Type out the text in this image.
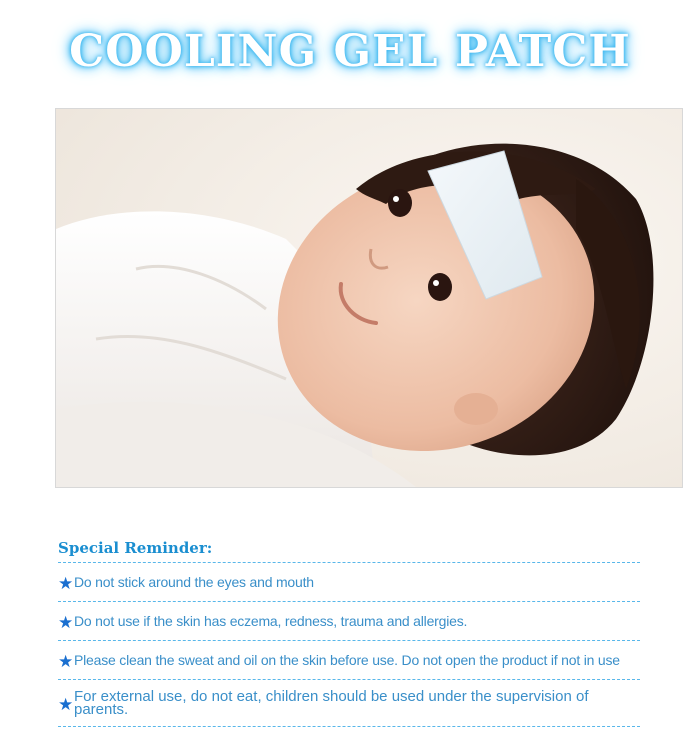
COOLING GEL PATCH
Special Reminder:
★ Do not stick around the eyes and mouth
★ Do not use if the skin has eczema, redness, trauma and allergies.
★ Please clean the sweat and oil on the skin before use. Do not open the product if not in use
★ For external use, do not eat, children should be used under the supervision of parents.
